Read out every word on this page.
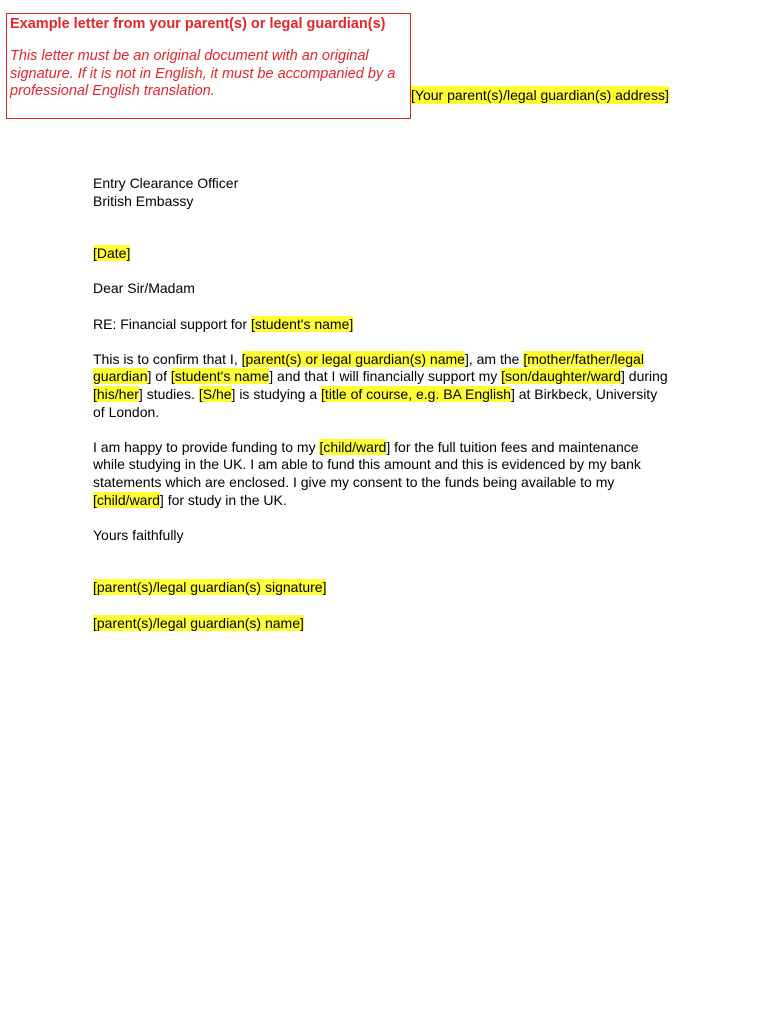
Example letter from your parent(s) or legal guardian(s)

This letter must be an original document with an original signature. If it is not in English, it must be accompanied by a professional English translation.	[Your parent(s)/legal guardian(s) address]

Entry Clearance Officer
British Embassy

[Date]

Dear Sir/Madam

RE: Financial support for [student's name]

This is to confirm that I, [parent(s) or legal guardian(s) name], am the [mother/father/legal guardian] of [student's name] and that I will financially support my [son/daughter/ward] during [his/her] studies. [S/he] is studying a [title of course, e.g. BA English] at Birkbeck, University of London.

I am happy to provide funding to my [child/ward] for the full tuition fees and maintenance while studying in the UK. I am able to fund this amount and this is evidenced by my bank statements which are enclosed. I give my consent to the funds being available to my [child/ward] for study in the UK.

Yours faithfully

[parent(s)/legal guardian(s) signature]

[parent(s)/legal guardian(s) name]
